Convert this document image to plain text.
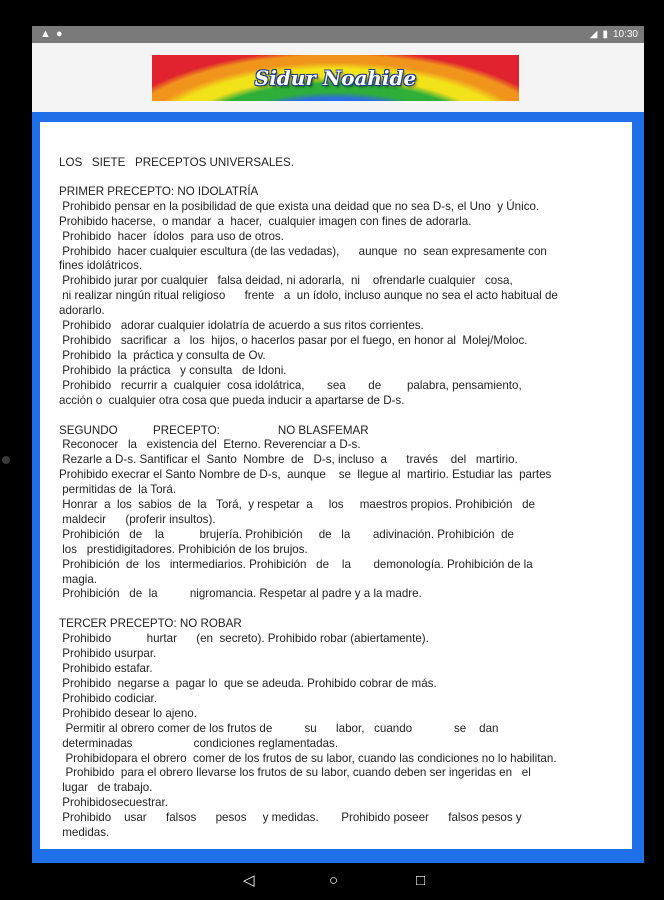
▲ ●	◢ ▮ 10:30
Sidur Noahide

LOS   SIETE   PRECEPTOS UNIVERSALES.

PRIMER PRECEPTO: NO IDOLATRÍA

Prohibido pensar en la posibilidad de que exista una deidad que no sea D-s, el Uno  y Único.

Prohibido hacerse,  o mandar  a  hacer,  cualquier imagen con fines de adorarla.

Prohibido  hacer  ídolos  para uso de otros.

Prohibido  hacer cualquier escultura (de las vedadas),      aunque  no  sean expresamente con

fines idolátricos.

Prohibido jurar por cualquier   falsa deidad, ni adorarla,  ni    ofrendarle cualquier   cosa,

ni realizar ningún ritual religioso      frente   a  un ídolo, incluso aunque no sea el acto habitual de

adorarlo.

Prohibido   adorar cualquier idolatría de acuerdo a sus ritos corrientes.

Prohibido   sacrificar  a   los  hijos, o hacerlos pasar por el fuego, en honor al  Molej/Moloc.

Prohibido  la  práctica y consulta de Ov.

Prohibido  la práctica   y consulta   de Idoni.

Prohibido   recurrir a  cualquier  cosa idolátrica,       sea       de        palabra, pensamiento,

acción o  cualquier otra cosa que pueda inducir a apartarse de D-s.

SEGUNDO           PRECEPTO:                  NO BLASFEMAR

Reconocer   la   existencia del  Eterno. Reverenciar a D-s.

Rezarle a D-s. Santificar el  Santo  Nombre  de   D-s, incluso  a      través    del   martirio.

Prohibido execrar el Santo Nombre de D-s,  aunque    se  llegue al  martirio. Estudiar las  partes

permitidas de  la Torá.

Honrar  a  los  sabios  de  la   Torá,  y respetar  a     los     maestros propios. Prohibición   de

maldecir      (proferir insultos).

Prohibición   de    la           brujería. Prohibición     de   la       adivinación. Prohibición  de

los   prestidigitadores. Prohibición de los brujos.

Prohibición  de  los   intermediarios. Prohibición   de    la       demonología. Prohibición de la

magia.

Prohibición   de  la          nigromancia. Respetar al padre y a la madre.

TERCER PRECEPTO: NO ROBAR

Prohibido           hurtar      (en  secreto). Prohibido robar (abiertamente).

Prohibido usurpar.

Prohibido estafar.

Prohibido  negarse a  pagar lo  que se adeuda. Prohibido cobrar de más.

Prohibido codiciar.

Prohibido desear lo ajeno.

Permitir al obrero comer de los frutos de          su      labor,   cuando             se    dan

determinadas                   condiciones reglamentadas.

Prohibidopara el obrero  comer de los frutos de su labor, cuando las condiciones no lo habilitan.

Prohibido  para el obrero llevarse los frutos de su labor, cuando deben ser ingeridas en   el

lugar   de trabajo.

Prohibidosecuestrar.

Prohibido    usar      falsos      pesos     y medidas.       Prohibido poseer      falsos pesos y

medidas.

◁	○	□
